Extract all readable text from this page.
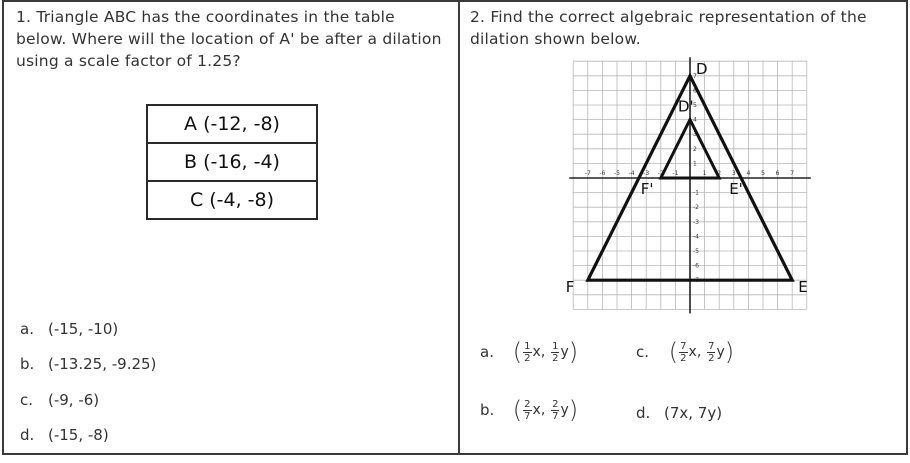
1. Triangle ABC has the coordinates in the table below. Where will the location of A' be after a dilation using a scale factor of 1.25?
A (-12, -8)
B (-16, -4)
C (-4, -8)
a. (-15, -10)
b. (-13.25, -9.25)
c. (-9, -6)
d. (-15, -8)
2. Find the correct algebraic representation of the dilation shown below.
-7 -6 -5 -4 -3 -2 -1	1 2 3 4 5 6 7
7
6
5
4
3
2
1
-1
-2
-3
-4
-5
-6
-7
D
F	E
D'
F'	E'
a. ( $\frac{1}{2} x$, $\frac{1}{2} y$)	c. ( $\frac{7}{2} x$, $\frac{7}{2} y$)
b. ( $\frac{2}{7} x$, $\frac{2}{7} y$)	d. (7x, 7y)
